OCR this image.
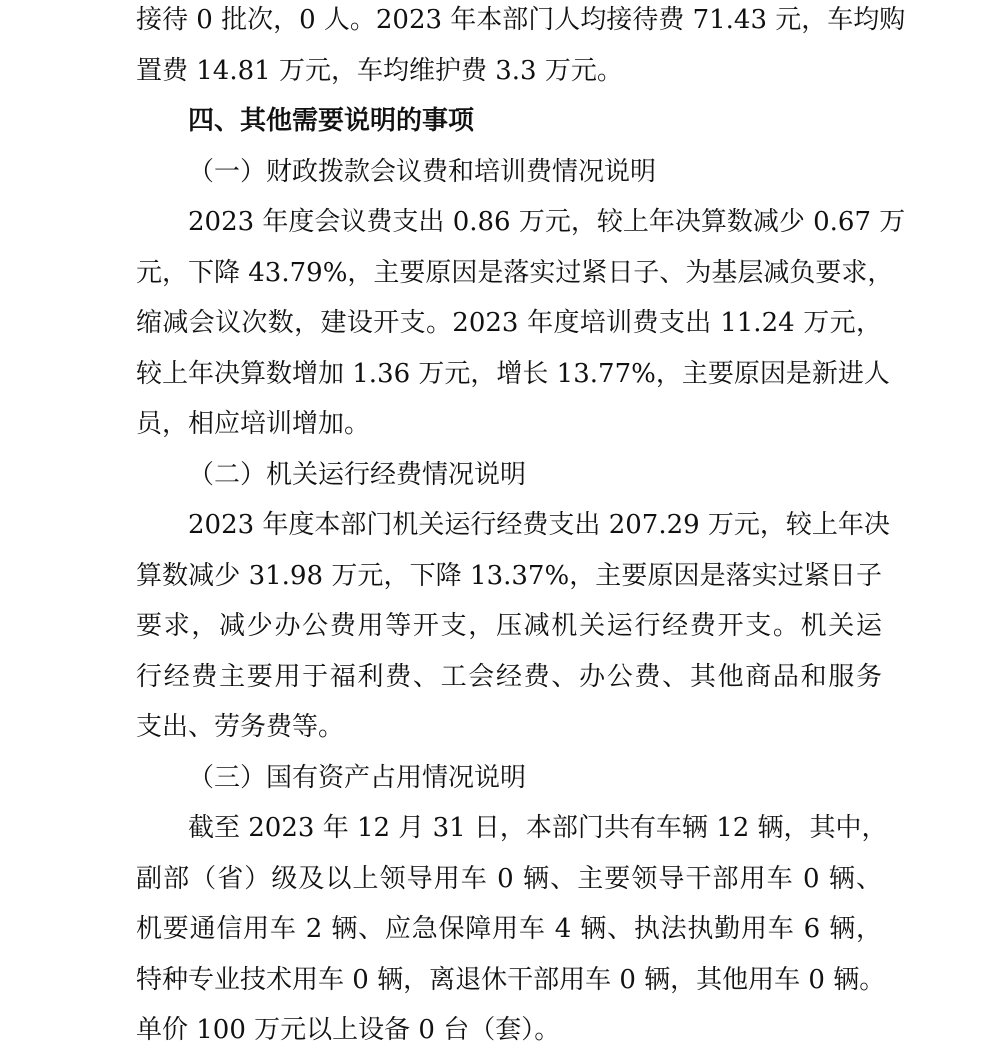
接待 0 批次，0 人。2023 年本部门人均接待费 71.43 元，车均购
置费 14.81 万元，车均维护费 3.3 万元。
四、其他需要说明的事项
（一）财政拨款会议费和培训费情况说明
2023 年度会议费支出 0.86 万元，较上年决算数减少 0.67 万
元，下降 43.79%，主要原因是落实过紧日子、为基层减负要求，
缩减会议次数，建设开支。2023 年度培训费支出 11.24 万元，
较上年决算数增加 1.36 万元，增长 13.77%，主要原因是新进人
员，相应培训增加。
（二）机关运行经费情况说明
2023 年度本部门机关运行经费支出 207.29 万元，较上年决
算数减少 31.98 万元，下降 13.37%，主要原因是落实过紧日子
要求，减少办公费用等开支，压减机关运行经费开支。机关运
行经费主要用于福利费、工会经费、办公费、其他商品和服务
支出、劳务费等。
（三）国有资产占用情况说明
截至 2023 年 12 月 31 日，本部门共有车辆 12 辆，其中，
副部（省）级及以上领导用车 0 辆、主要领导干部用车 0 辆、
机要通信用车 2 辆、应急保障用车 4 辆、执法执勤用车 6 辆，
特种专业技术用车 0 辆，离退休干部用车 0 辆，其他用车 0 辆。
单价 100 万元以上设备 0 台（套）。
